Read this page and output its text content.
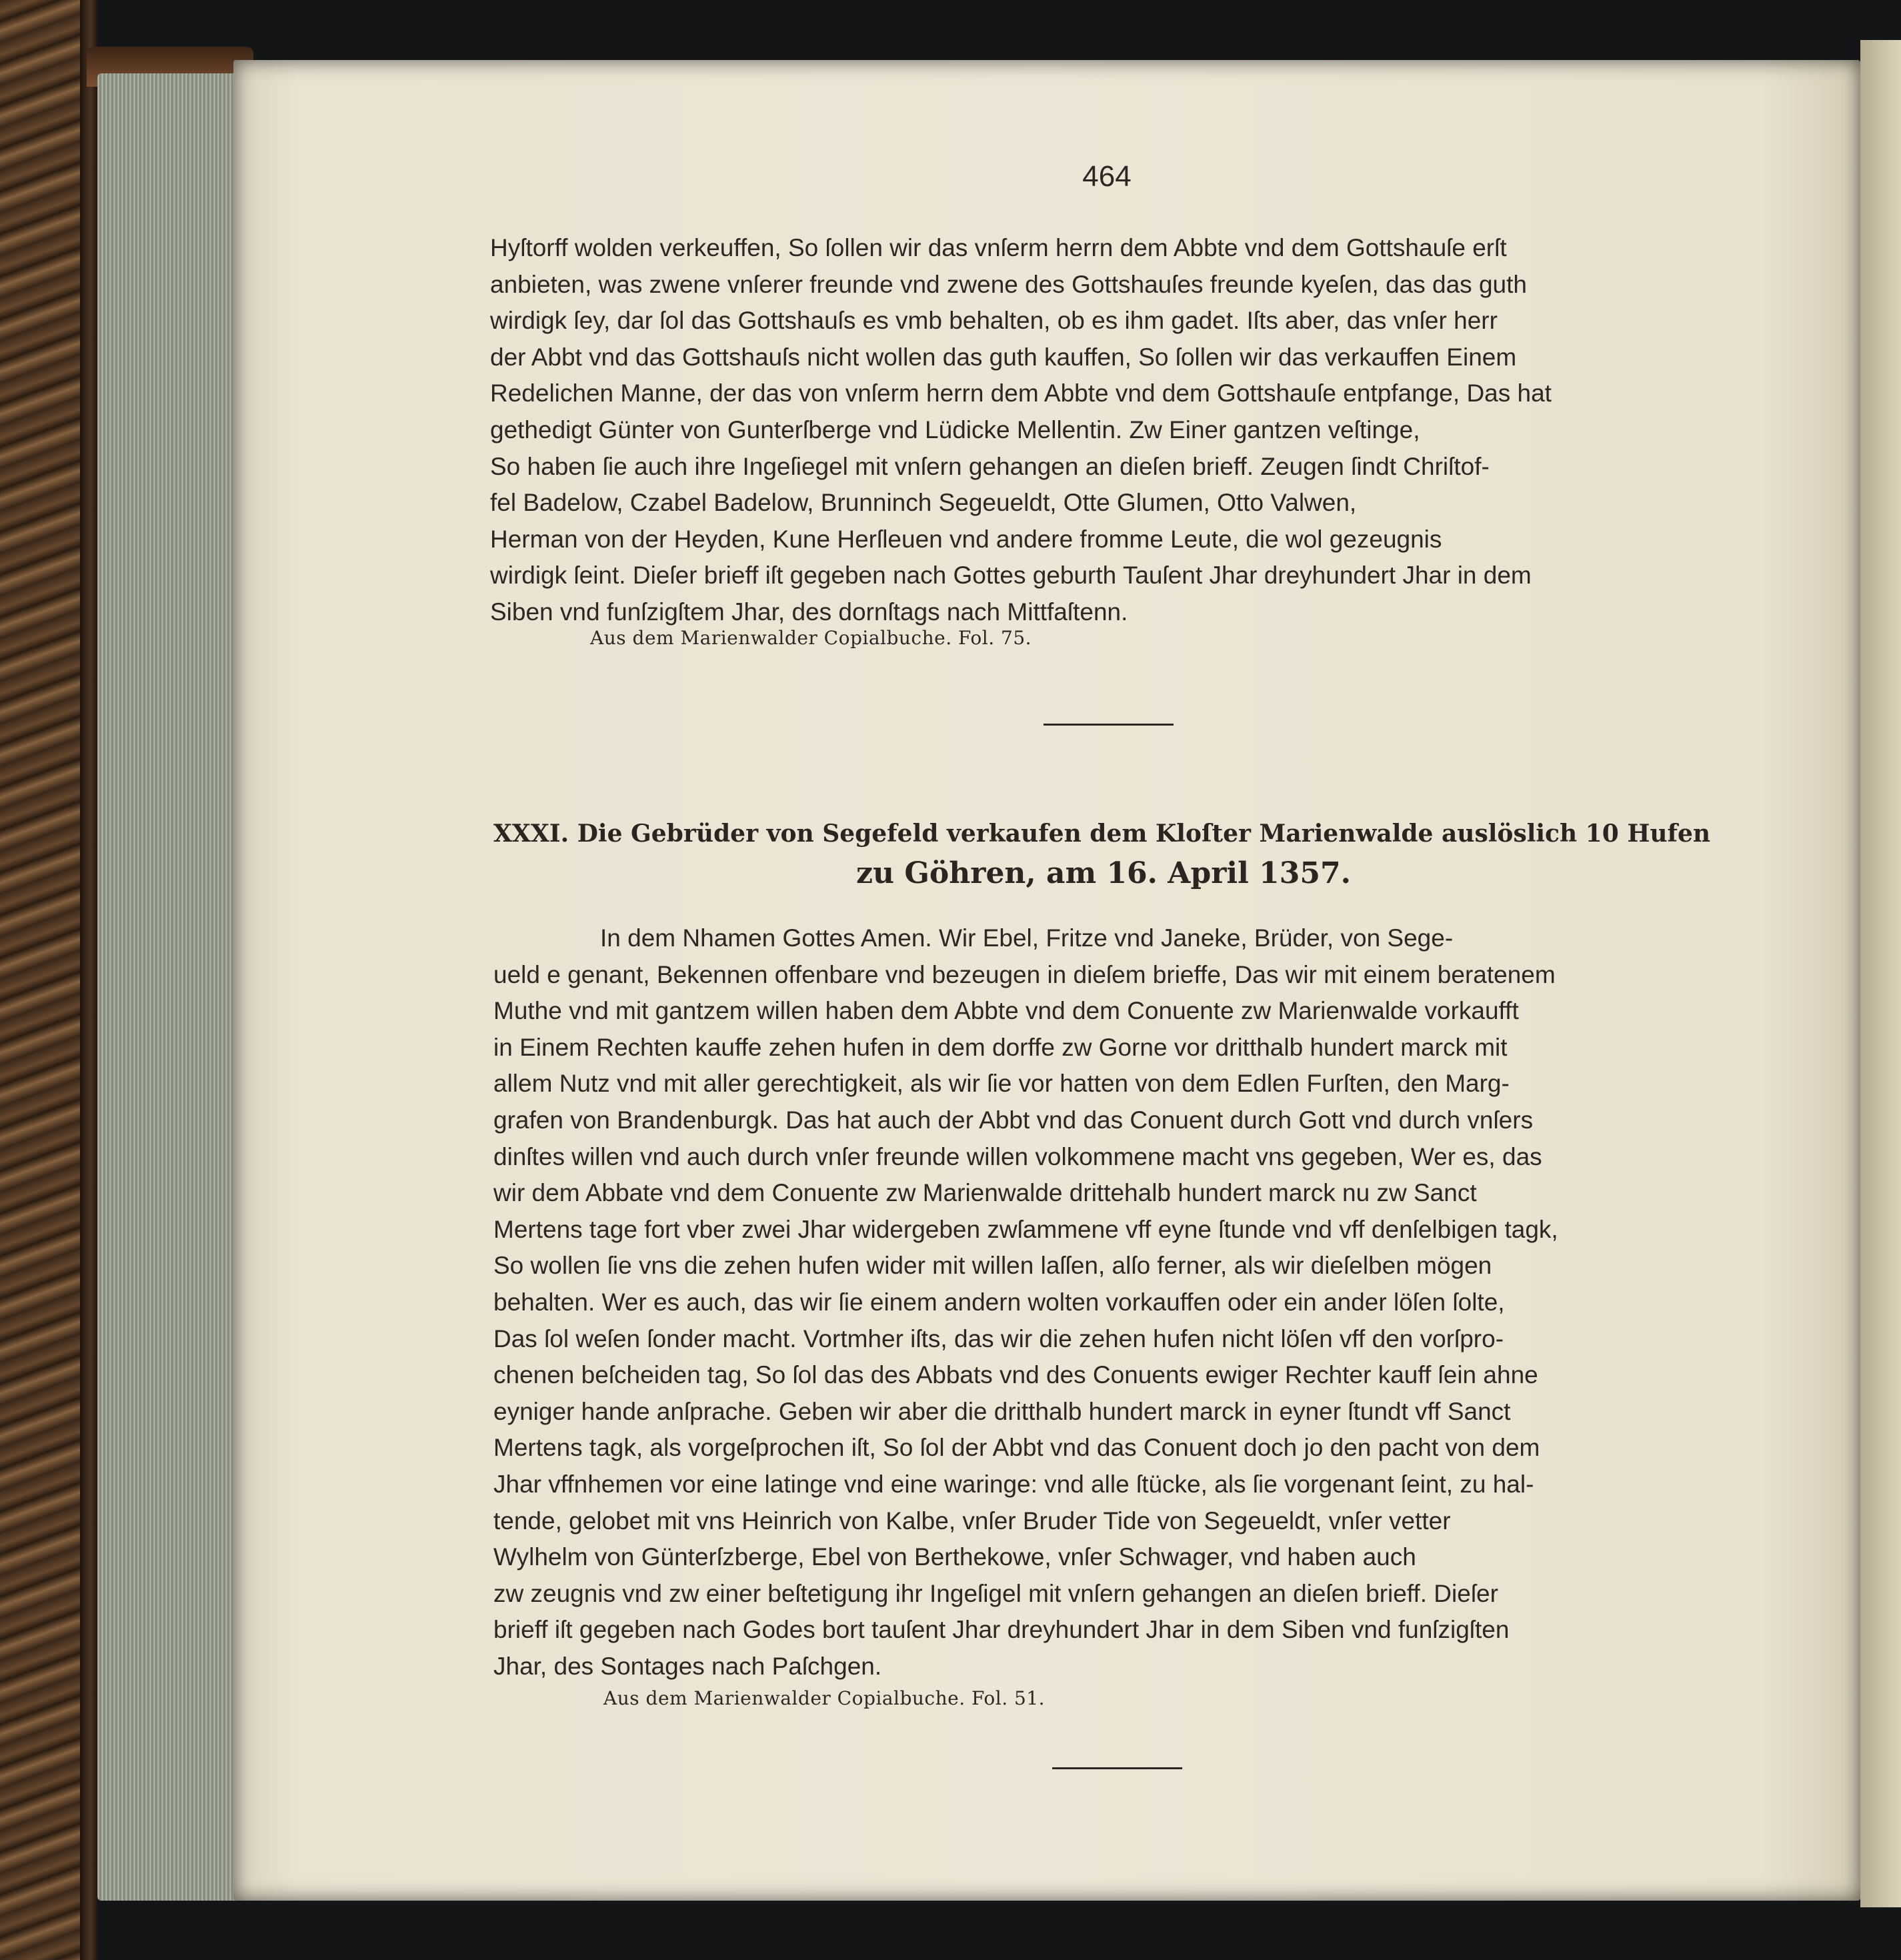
464
Hyſtorff wolden verkeuffen, So ſollen wir das vnſerm herrn dem Abbte vnd dem Gottshauſe erſt
anbieten, was zwene vnſerer freunde vnd zwene des Gottshauſes freunde kyeſen, das das guth
wirdigk ſey, dar ſol das Gottshauſs es vmb behalten, ob es ihm gadet. Iſts aber, das vnſer herr
der Abbt vnd das Gottshauſs nicht wollen das guth kauffen, So ſollen wir das verkauffen Einem
Redelichen Manne, der das von vnſerm herrn dem Abbte vnd dem Gottshauſe entpfange, Das hat
gethedigt Günter von Gunterſberge vnd Lüdicke Mellentin. Zw Einer gantzen veſtinge,
So haben ſie auch ihre Ingeſiegel mit vnſern gehangen an dieſen brieff. Zeugen ſindt Chriſtof-
fel Badelow, Czabel Badelow, Brunninch Segeueldt, Otte Glumen, Otto Valwen,
Herman von der Heyden, Kune Herſleuen vnd andere fromme Leute, die wol gezeugnis
wirdigk ſeint. Dieſer brieff iſt gegeben nach Gottes geburth Tauſent Jhar dreyhundert Jhar in dem
Siben vnd funſzigſtem Jhar, des dornſtags nach Mittfaſtenn.
Aus dem Marienwalder Copialbuche. Fol. 75.
XXXI. Die Gebrüder von Segefeld verkaufen dem Kloſter Marienwalde auslöslich 10 Hufen
zu Göhren, am 16. April 1357.
In dem Nhamen Gottes Amen. Wir Ebel, Fritze vnd Janeke, Brüder, von Sege-
ueld e genant, Bekennen offenbare vnd bezeugen in dieſem brieffe, Das wir mit einem beratenem
Muthe vnd mit gantzem willen haben dem Abbte vnd dem Conuente zw Marienwalde vorkaufft
in Einem Rechten kauffe zehen hufen in dem dorffe zw Gorne vor dritthalb hundert marck mit
allem Nutz vnd mit aller gerechtigkeit, als wir ſie vor hatten von dem Edlen Furſten, den Marg-
grafen von Brandenburgk. Das hat auch der Abbt vnd das Conuent durch Gott vnd durch vnſers
dinſtes willen vnd auch durch vnſer freunde willen volkommene macht vns gegeben, Wer es, das
wir dem Abbate vnd dem Conuente zw Marienwalde drittehalb hundert marck nu zw Sanct
Mertens tage fort vber zwei Jhar widergeben zwſammene vff eyne ſtunde vnd vff denſelbigen tagk,
So wollen ſie vns die zehen hufen wider mit willen laſſen, alſo ferner, als wir dieſelben mögen
behalten. Wer es auch, das wir ſie einem andern wolten vorkauffen oder ein ander löſen ſolte,
Das ſol weſen ſonder macht. Vortmher iſts, das wir die zehen hufen nicht löſen vff den vorſpro-
chenen beſcheiden tag, So ſol das des Abbats vnd des Conuents ewiger Rechter kauff ſein ahne
eyniger hande anſprache. Geben wir aber die dritthalb hundert marck in eyner ſtundt vff Sanct
Mertens tagk, als vorgeſprochen iſt, So ſol der Abbt vnd das Conuent doch jo den pacht von dem
Jhar vffnhemen vor eine latinge vnd eine waringe: vnd alle ſtücke, als ſie vorgenant ſeint, zu hal-
tende, gelobet mit vns Heinrich von Kalbe, vnſer Bruder Tide von Segeueldt, vnſer vetter
Wylhelm von Günterſzberge, Ebel von Berthekowe, vnſer Schwager, vnd haben auch
zw zeugnis vnd zw einer beſtetigung ihr Ingeſigel mit vnſern gehangen an dieſen brieff. Dieſer
brieff iſt gegeben nach Godes bort tauſent Jhar dreyhundert Jhar in dem Siben vnd funſzigſten
Jhar, des Sontages nach Paſchgen.
Aus dem Marienwalder Copialbuche. Fol. 51.
